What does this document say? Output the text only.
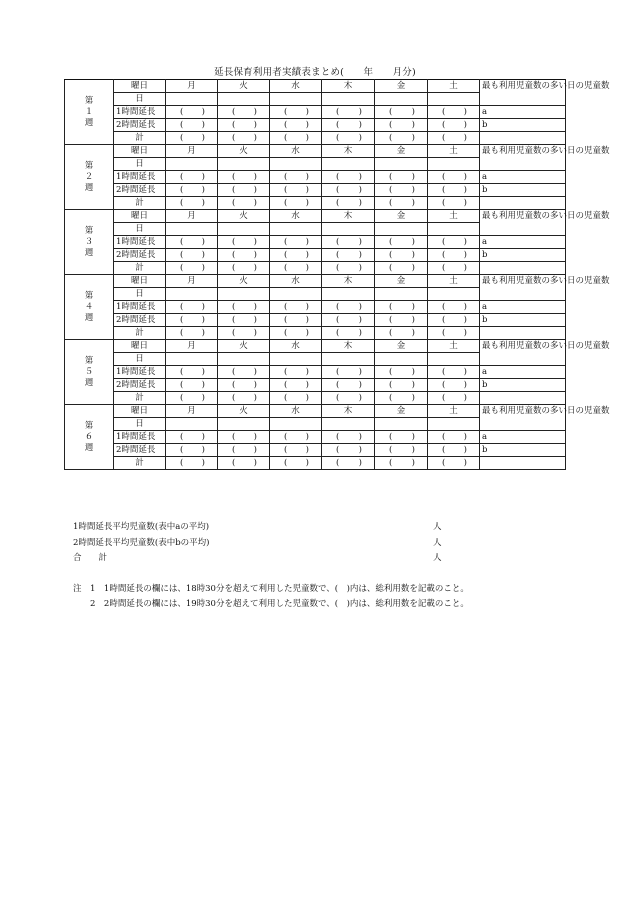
延長保育利用者実績表まとめ(　　年　　月分)
第１週	曜日	月	火	水	木	金	土	最も利用児童数の多い日の児童数
	日							
	1時間延長	( )	( )	( )	( )	( )	( )	a
	2時間延長	( )	( )	( )	( )	( )	( )	b
	計	( )	( )	( )	( )	( )	( )	

第２週	曜日	月	火	水	木	金	土	最も利用児童数の多い日の児童数
	日							
	1時間延長	( )	( )	( )	( )	( )	( )	a
	2時間延長	( )	( )	( )	( )	( )	( )	b
	計	( )	( )	( )	( )	( )	( )	

第３週	曜日	月	火	水	木	金	土	最も利用児童数の多い日の児童数
	日							
	1時間延長	( )	( )	( )	( )	( )	( )	a
	2時間延長	( )	( )	( )	( )	( )	( )	b
	計	( )	( )	( )	( )	( )	( )	

第４週	曜日	月	火	水	木	金	土	最も利用児童数の多い日の児童数
	日							
	1時間延長	( )	( )	( )	( )	( )	( )	a
	2時間延長	( )	( )	( )	( )	( )	( )	b
	計	( )	( )	( )	( )	( )	( )	

第５週	曜日	月	火	水	木	金	土	最も利用児童数の多い日の児童数
	日							
	1時間延長	( )	( )	( )	( )	( )	( )	a
	2時間延長	( )	( )	( )	( )	( )	( )	b
	計	( )	( )	( )	( )	( )	( )	

第６週	曜日	月	火	水	木	金	土	最も利用児童数の多い日の児童数
	日							
	1時間延長	( )	( )	( )	( )	( )	( )	a
	2時間延長	( )	( )	( )	( )	( )	( )	b
	計	( )	( )	( )	( )	( )	( )	

1時間延長平均児童数(表中aの平均)	人
2時間延長平均児童数(表中bの平均)	人
合　　計	人
注　1　1時間延長の欄には、18時30分を超えて利用した児童数で、(　)内は、総利用数を記載のこと。
　　2　2時間延長の欄には、19時30分を超えて利用した児童数で、(　)内は、総利用数を記載のこと。
